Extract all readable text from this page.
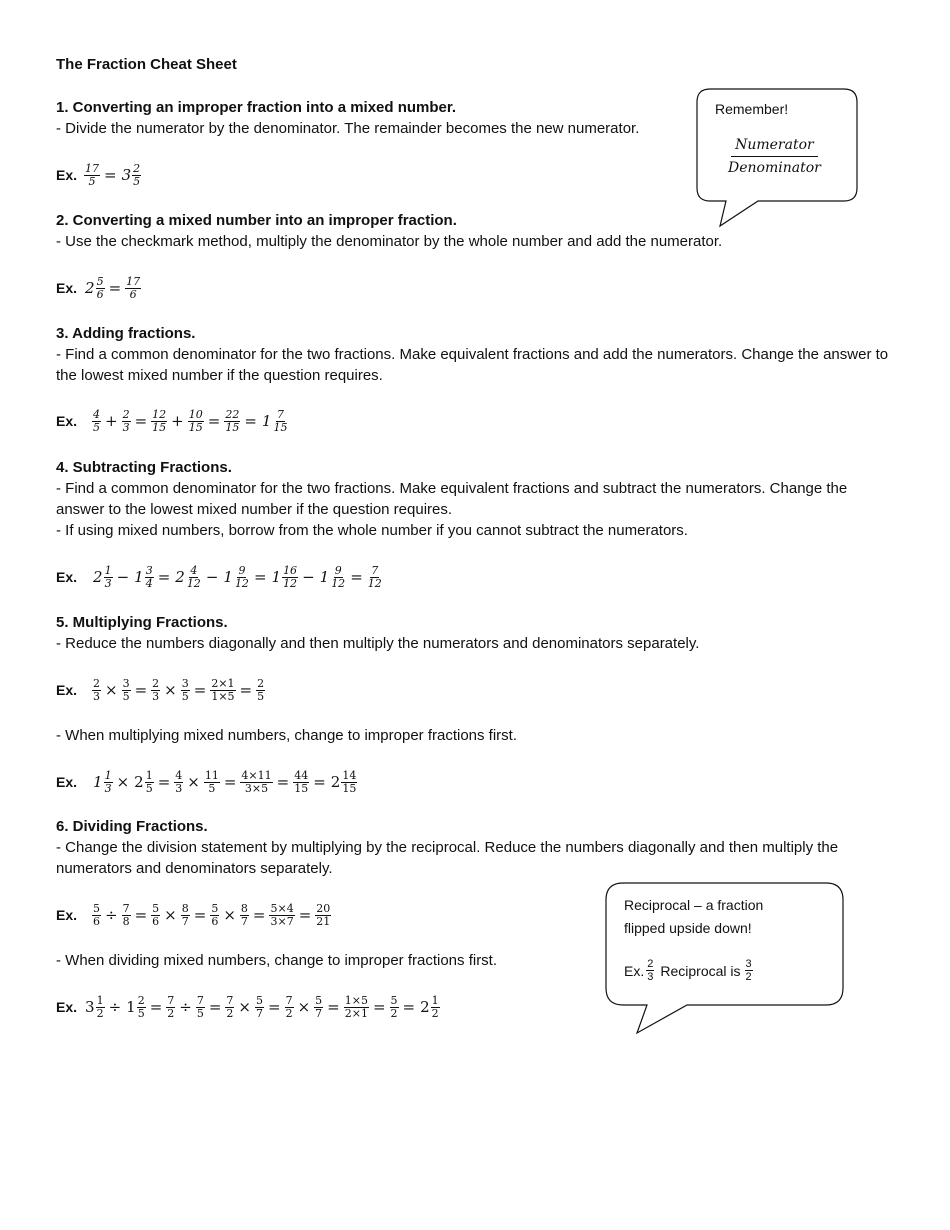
The Fraction Cheat Sheet
1. Converting an improper fraction into a mixed number.
- Divide the numerator by the denominator. The remainder becomes the new numerator.
Ex. $\frac{17}{5} = 3 \frac{2}{5}$
2. Converting a mixed number into an improper fraction.
- Use the checkmark method, multiply the denominator by the whole number and add the numerator.
Ex. $2 \frac{5}{6} = \frac{17}{6}$
3. Adding fractions.
- Find a common denominator for the two fractions. Make equivalent fractions and add the numerators. Change the answer to the lowest mixed number if the question requires.
Ex. $\frac{4}{5} + \frac{2}{3} = \frac{12}{15} + \frac{10}{15} = \frac{22}{15} = 1 \frac{7}{15}$
4. Subtracting Fractions.
- Find a common denominator for the two fractions. Make equivalent fractions and subtract the numerators. Change the answer to the lowest mixed number if the question requires.
- If using mixed numbers, borrow from the whole number if you cannot subtract the numerators.
Ex. $2 \frac{1}{3} - 1 \frac{3}{4} = 2 \frac{4}{12} - 1 \frac{9}{12} = 1 \frac{16}{12} - 1 \frac{9}{12} = \frac{7}{12}$
5. Multiplying Fractions.
- Reduce the numbers diagonally and then multiply the numerators and denominators separately.
Ex. $\frac{2}{3} \times \frac{3}{5} = \frac{2}{3} \times \frac{3}{5} = \frac{2\times 1}{1\times 5} = \frac{2}{5}$
- When multiplying mixed numbers, change to improper fractions first.
Ex. $1 \frac{1}{3} \times 2 \frac{1}{5} = \frac{4}{3} \times \frac{11}{5} = \frac{4\times 11}{3\times 5} = \frac{44}{15} = 2 \frac{14}{15}$
6. Dividing Fractions.
- Change the division statement by multiplying by the reciprocal. Reduce the numbers diagonally and then multiply the numerators and denominators separately.
Ex. $\frac{5}{6} \div \frac{7}{8} = \frac{5}{6} \times \frac{8}{7} = \frac{5}{6} \times \frac{8}{7} = \frac{5\times 4}{3\times 7} = \frac{20}{21}$
- When dividing mixed numbers, change to improper fractions first.
Ex. $3 \frac{1}{2} \div 1 \frac{2}{5} = \frac{7}{2} \div \frac{7}{5} = \frac{7}{2} \times \frac{5}{7} = \frac{7}{2} \times \frac{5}{7} = \frac{1\times 5}{2\times 1} = \frac{5}{2} = 2 \frac{1}{2}$
Remember!
$\frac{\text{Numerator}}{\text{Denominator}}$
Reciprocal – a fraction
flipped upside down!
Ex. $\frac{2}{3}$ Reciprocal is $\frac{3}{2}$
